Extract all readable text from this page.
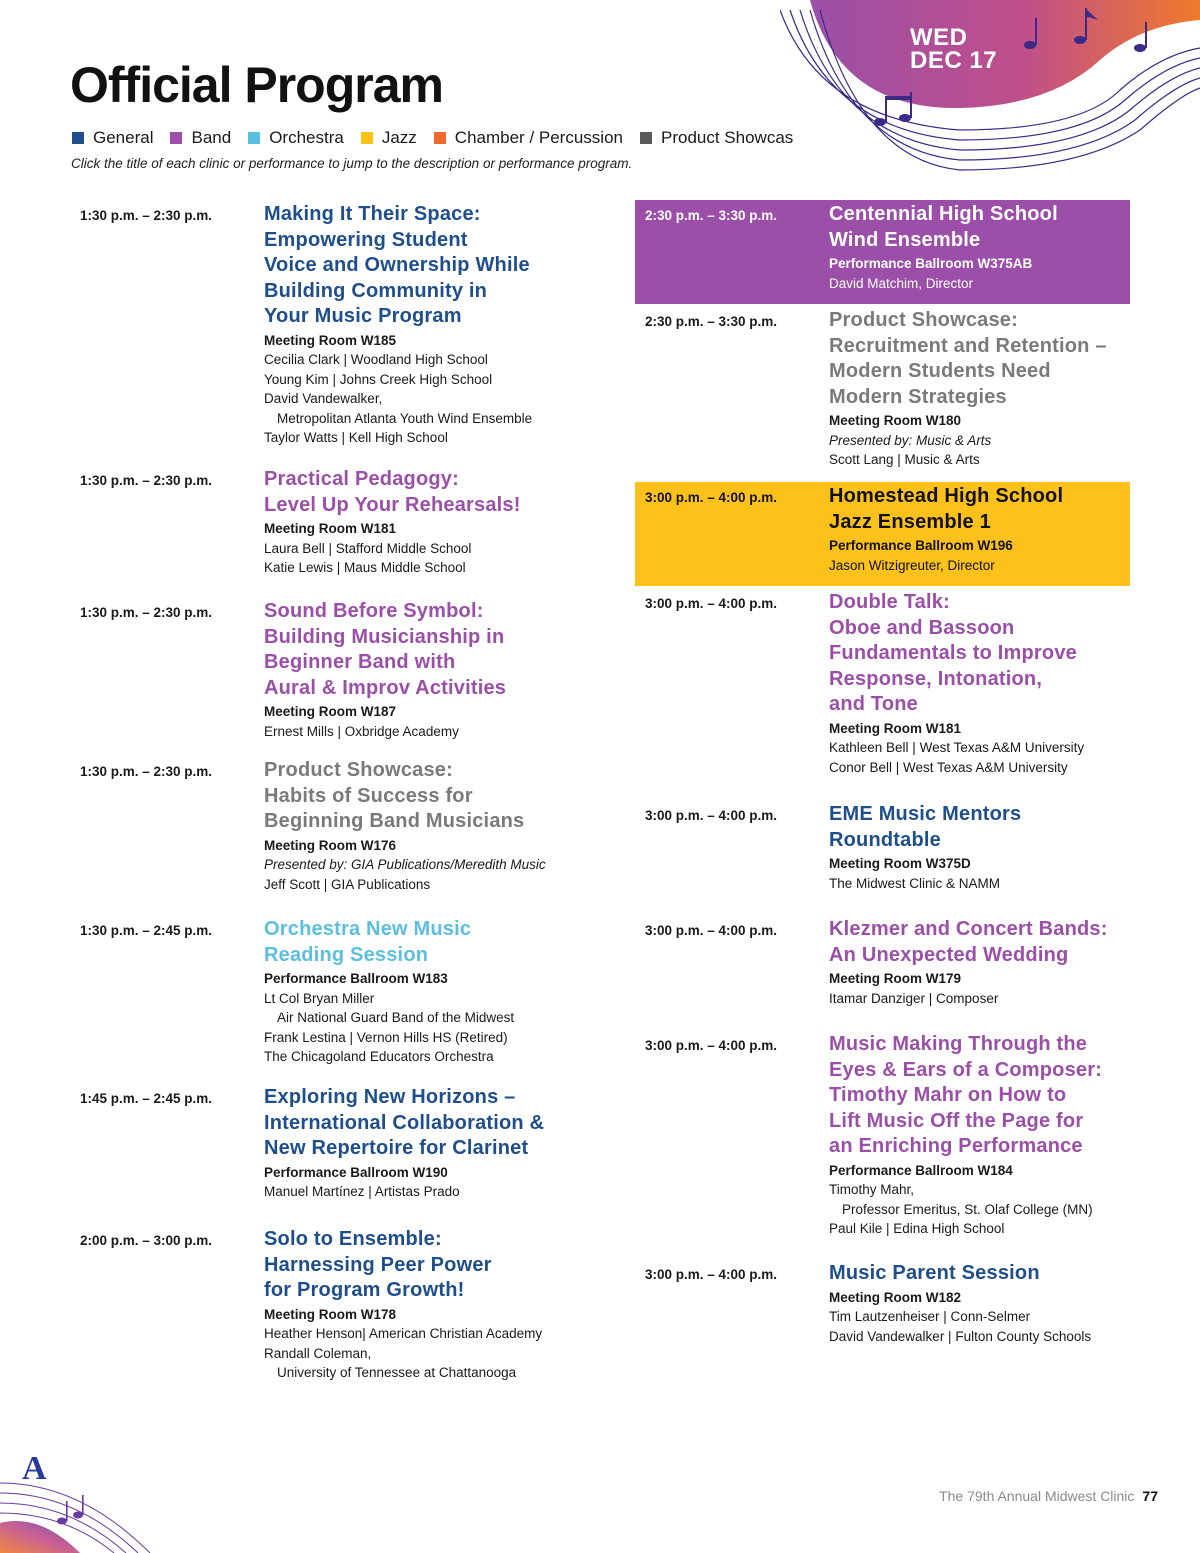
WED
DEC 17
Official Program
General Band Orchestra Jazz Chamber / Percussion Product Showcas
Click the title of each clinic or performance to jump to the description or performance program.
1:30 p.m. – 2:30 p.m.	Making It Their Space:
Empowering Student
Voice and Ownership While
Building Community in
Your Music Program
Meeting Room W185
Cecilia Clark | Woodland High School
Young Kim | Johns Creek High School
David Vandewalker,
Metropolitan Atlanta Youth Wind Ensemble
Taylor Watts | Kell High School
1:30 p.m. – 2:30 p.m.	Practical Pedagogy:
Level Up Your Rehearsals!
Meeting Room W181
Laura Bell | Stafford Middle School
Katie Lewis | Maus Middle School
1:30 p.m. – 2:30 p.m.	Sound Before Symbol:
Building Musicianship in
Beginner Band with
Aural & Improv Activities
Meeting Room W187
Ernest Mills | Oxbridge Academy
1:30 p.m. – 2:30 p.m.	Product Showcase:
Habits of Success for
Beginning Band Musicians
Meeting Room W176
Presented by: GIA Publications/Meredith Music
Jeff Scott | GIA Publications
1:30 p.m. – 2:45 p.m.	Orchestra New Music
Reading Session
Performance Ballroom W183
Lt Col Bryan Miller
Air National Guard Band of the Midwest
Frank Lestina | Vernon Hills HS (Retired)
The Chicagoland Educators Orchestra
1:45 p.m. – 2:45 p.m.	Exploring New Horizons –
International Collaboration &
New Repertoire for Clarinet
Performance Ballroom W190
Manuel Martínez | Artistas Prado
2:00 p.m. – 3:00 p.m.	Solo to Ensemble:
Harnessing Peer Power
for Program Growth!
Meeting Room W178
Heather Henson| American Christian Academy
Randall Coleman,
University of Tennessee at Chattanooga
2:30 p.m. – 3:30 p.m.	Centennial High School
Wind Ensemble
Performance Ballroom W375AB
David Matchim, Director
2:30 p.m. – 3:30 p.m.	Product Showcase:
Recruitment and Retention –
Modern Students Need
Modern Strategies
Meeting Room W180
Presented by: Music & Arts
Scott Lang | Music & Arts
3:00 p.m. – 4:00 p.m.	Homestead High School
Jazz Ensemble 1
Performance Ballroom W196
Jason Witzigreuter, Director
3:00 p.m. – 4:00 p.m.	Double Talk:
Oboe and Bassoon
Fundamentals to Improve
Response, Intonation,
and Tone
Meeting Room W181
Kathleen Bell | West Texas A&M University
Conor Bell | West Texas A&M University
3:00 p.m. – 4:00 p.m.	EME Music Mentors
Roundtable
Meeting Room W375D
The Midwest Clinic & NAMM
3:00 p.m. – 4:00 p.m.	Klezmer and Concert Bands:
An Unexpected Wedding
Meeting Room W179
Itamar Danziger | Composer
3:00 p.m. – 4:00 p.m.	Music Making Through the
Eyes & Ears of a Composer:
Timothy Mahr on How to
Lift Music Off the Page for
an Enriching Performance
Performance Ballroom W184
Timothy Mahr,
Professor Emeritus, St. Olaf College (MN)
Paul Kile | Edina High School
3:00 p.m. – 4:00 p.m.	Music Parent Session
Meeting Room W182
Tim Lautzenheiser | Conn-Selmer
David Vandewalker | Fulton County Schools
A
The 79th Annual Midwest Clinic 77
